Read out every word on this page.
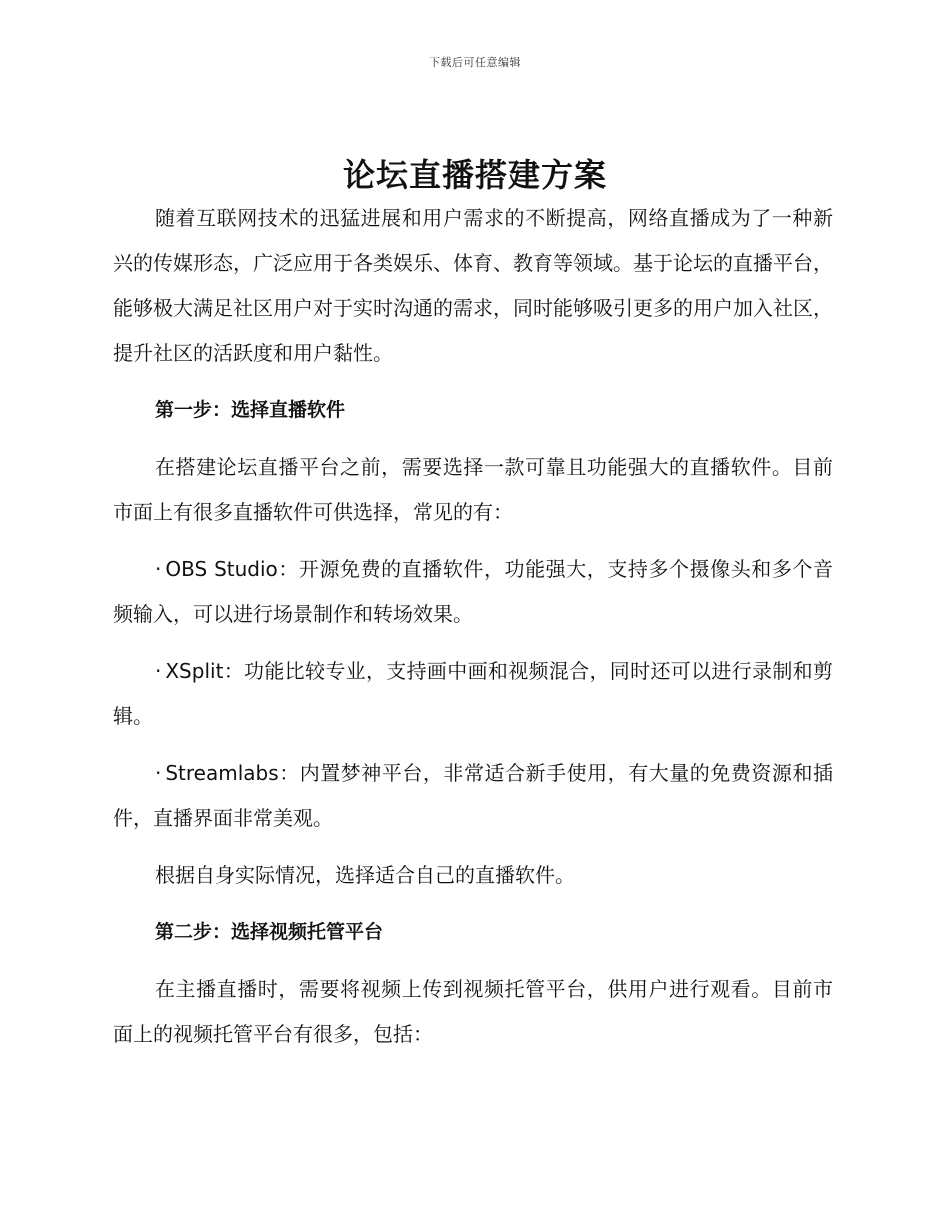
下载后可任意编辑
论坛直播搭建方案

随着互联网技术的迅猛进展和用户需求的不断提高，网络直播成为了一种新兴的传媒形态，广泛应用于各类娱乐、体育、教育等领域。基于论坛的直播平台，能够极大满足社区用户对于实时沟通的需求，同时能够吸引更多的用户加入社区，提升社区的活跃度和用户黏性。

第一步：选择直播软件

在搭建论坛直播平台之前，需要选择一款可靠且功能强大的直播软件。目前市面上有很多直播软件可供选择，常见的有：

· OBS Studio：开源免费的直播软件，功能强大，支持多个摄像头和多个音频输入，可以进行场景制作和转场效果。

· XSplit：功能比较专业，支持画中画和视频混合，同时还可以进行录制和剪辑。

· Streamlabs：内置梦神平台，非常适合新手使用，有大量的免费资源和插件，直播界面非常美观。

根据自身实际情况，选择适合自己的直播软件。

第二步：选择视频托管平台

在主播直播时，需要将视频上传到视频托管平台，供用户进行观看。目前市面上的视频托管平台有很多，包括：
